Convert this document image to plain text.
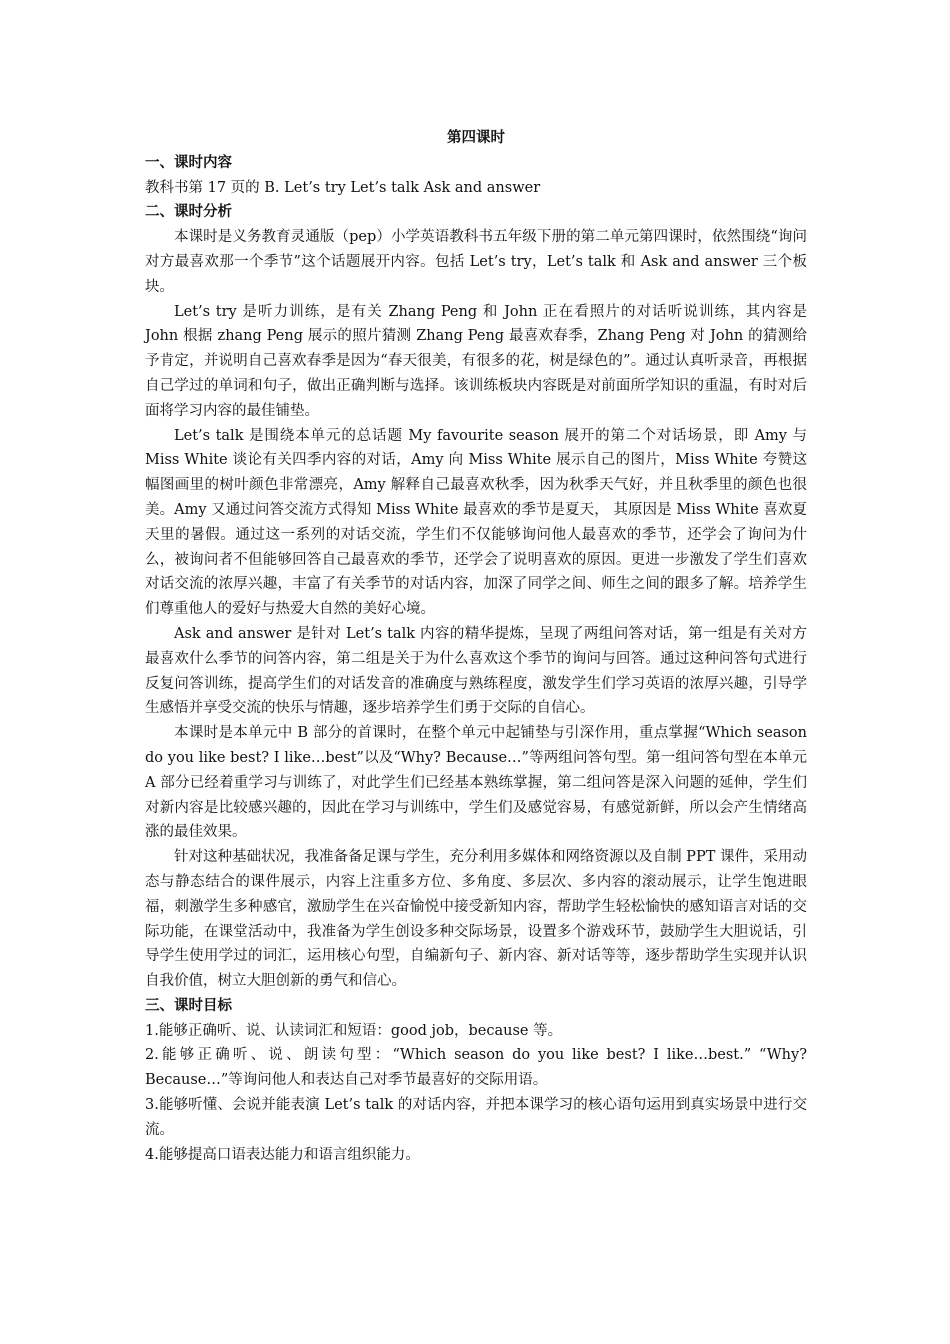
第四课时

一、课时内容

教科书第 17 页的 B. Let’s try Let’s talk Ask and answer

二、课时分析

本课时是义务教育灵通版（pep）小学英语教科书五年级下册的第二单元第四课时，依然围绕“询问对方最喜欢那一个季节”这个话题展开内容。包括 Let’s try，Let’s talk 和 Ask and answer 三个板块。

Let’s try 是听力训练，是有关 Zhang Peng 和 John 正在看照片的对话听说训练，其内容是 John 根据 zhang Peng 展示的照片猜测 Zhang Peng 最喜欢春季，Zhang Peng 对 John 的猜测给予肯定，并说明自己喜欢春季是因为“春天很美，有很多的花，树是绿色的”。通过认真听录音，再根据自己学过的单词和句子，做出正确判断与选择。该训练板块内容既是对前面所学知识的重温，有时对后面将学习内容的最佳铺垫。

Let’s talk 是围绕本单元的总话题 My favourite season 展开的第二个对话场景，即 Amy 与 Miss White 谈论有关四季内容的对话，Amy 向 Miss White 展示自己的图片，Miss White 夸赞这幅图画里的树叶颜色非常漂亮，Amy 解释自己最喜欢秋季，因为秋季天气好，并且秋季里的颜色也很美。Amy 又通过问答交流方式得知 Miss White 最喜欢的季节是夏天， 其原因是 Miss White 喜欢夏天里的暑假。通过这一系列的对话交流，学生们不仅能够询问他人最喜欢的季节，还学会了询问为什么，被询问者不但能够回答自己最喜欢的季节，还学会了说明喜欢的原因。更进一步激发了学生们喜欢对话交流的浓厚兴趣，丰富了有关季节的对话内容，加深了同学之间、师生之间的跟多了解。培养学生们尊重他人的爱好与热爱大自然的美好心境。

Ask and answer 是针对 Let’s talk 内容的精华提炼，呈现了两组问答对话，第一组是有关对方最喜欢什么季节的问答内容，第二组是关于为什么喜欢这个季节的询问与回答。通过这种问答句式进行反复问答训练，提高学生们的对话发音的准确度与熟练程度，激发学生们学习英语的浓厚兴趣，引导学生感悟并享受交流的快乐与情趣，逐步培养学生们勇于交际的自信心。

本课时是本单元中 B 部分的首课时，在整个单元中起铺垫与引深作用，重点掌握“Which season do you like best? I like…best”以及“Why? Because…”等两组问答句型。第一组问答句型在本单元 A 部分已经着重学习与训练了，对此学生们已经基本熟练掌握，第二组问答是深入问题的延伸，学生们对新内容是比较感兴趣的，因此在学习与训练中，学生们及感觉容易，有感觉新鲜，所以会产生情绪高涨的最佳效果。

针对这种基础状况，我准备备足课与学生，充分利用多媒体和网络资源以及自制 PPT 课件，采用动态与静态结合的课件展示，内容上注重多方位、多角度、多层次、多内容的滚动展示，让学生饱进眼福，刺激学生多种感官，激励学生在兴奋愉悦中接受新知内容，帮助学生轻松愉快的感知语言对话的交际功能，在课堂活动中，我准备为学生创设多种交际场景，设置多个游戏环节，鼓励学生大胆说话，引导学生使用学过的词汇，运用核心句型，自编新句子、新内容、新对话等等，逐步帮助学生实现并认识自我价值，树立大胆创新的勇气和信心。

三、课时目标

1.能够正确听、说、认读词汇和短语：good job，because 等。

2.能够正确听、说、朗读句型：“Which season do you like best? I like…best.” “Why? Because…”等询问他人和表达自己对季节最喜好的交际用语。

3.能够听懂、会说并能表演 Let’s talk 的对话内容，并把本课学习的核心语句运用到真实场景中进行交流。

4.能够提高口语表达能力和语言组织能力。
